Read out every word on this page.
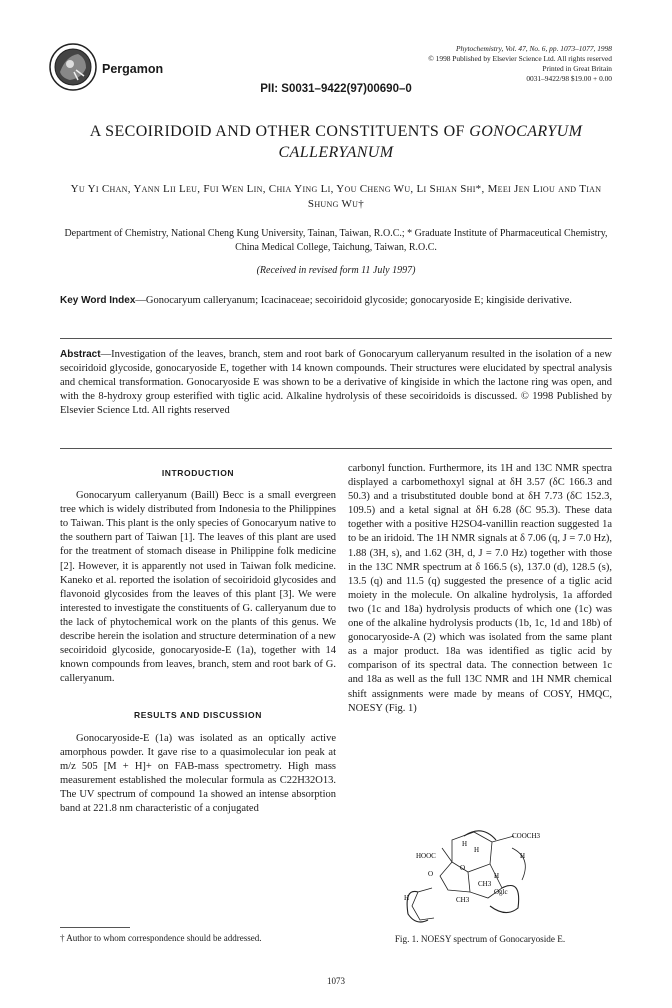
Pergamon
Phytochemistry, Vol. 47, No. 6, pp. 1073–1077, 1998
© 1998 Published by Elsevier Science Ltd. All rights reserved
Printed in Great Britain
0031–9422/98 $19.00 + 0.00
PII: S0031–9422(97)00690–0
A SECOIRIDOID AND OTHER CONSTITUENTS OF GONOCARYUM CALLERYANUM
Yu Yi Chan, Yann Lii Leu, Fui Wen Lin, Chia Ying Li, You Cheng Wu, Li Shian Shi*, Meei Jen Liou and Tian Shung Wu†
Department of Chemistry, National Cheng Kung University, Tainan, Taiwan, R.O.C.; * Graduate Institute of Pharmaceutical Chemistry, China Medical College, Taichung, Taiwan, R.O.C.
(Received in revised form 11 July 1997)
Key Word Index—Gonocaryum calleryanum; Icacinaceae; secoiridoid glycoside; gonocaryoside E; kingiside derivative.
Abstract—Investigation of the leaves, branch, stem and root bark of Gonocaryum calleryanum resulted in the isolation of a new secoiridoid glycoside, gonocaryoside E, together with 14 known compounds. Their structures were elucidated by spectral analysis and chemical transformation. Gonocaryoside E was shown to be a derivative of kingiside in which the lactone ring was open, and with the 8-hydroxy group esterified with tiglic acid. Alkaline hydrolysis of these secoiridoids is discussed. © 1998 Published by Elsevier Science Ltd. All rights reserved
INTRODUCTION

Gonocaryum calleryanum (Baill) Becc is a small evergreen tree which is widely distributed from Indonesia to the Philippines to Taiwan. This plant is the only species of Gonocaryum native to the southern part of Taiwan [1]. The leaves of this plant are used for the treatment of stomach disease in Philippine folk medicine [2]. However, it is apparently not used in Taiwan folk medicine. Kaneko et al. reported the isolation of secoiridoid glycosides and flavonoid glycosides from the leaves of this plant [3]. We were interested to investigate the constituents of G. calleryanum due to the lack of phytochemical work on the plants of this genus. We describe herein the isolation and structure determination of a new secoiridoid glycoside, gonocaryoside-E (1a), together with 14 known compounds from leaves, branch, stem and root bark of G. calleryanum.

RESULTS AND DISCUSSION

Gonocaryoside-E (1a) was isolated as an optically active amorphous powder. It gave rise to a quasimolecular ion peak at m/z 505 [M + H]+ on FAB-mass spectrometry. High mass measurement established the molecular formula as C22H32O13. The UV spectrum of compound 1a showed an intense absorption band at 221.8 nm characteristic of a conjugated

carbonyl function. Furthermore, its 1H and 13C NMR spectra displayed a carbomethoxyl signal at δH 3.57 (δC 166.3 and 50.3) and a trisubstituted double bond at δH 7.73 (δC 152.3, 109.5) and a ketal signal at δH 6.28 (δC 95.3). These data together with a positive H2SO4-vanillin reaction suggested 1a to be an iridoid. The 1H NMR signals at δ 7.06 (q, J = 7.0 Hz), 1.88 (3H, s), and 1.62 (3H, d, J = 7.0 Hz) together with those in the 13C NMR spectrum at δ 166.5 (s), 137.0 (d), 128.5 (s), 13.5 (q) and 11.5 (q) suggested the presence of a tiglic acid moiety in the molecule. On alkaline hydrolysis, 1a afforded two (1c and 18a) hydrolysis products of which one (1c) was one of the alkaline hydrolysis products (1b, 1c, 1d and 18b) of gonocaryoside-A (2) which was isolated from the same plant as a major product. 18a was identified as tiglic acid by comparison of its spectral data. The connection between 1c and 18a as well as the full 13C NMR and 1H NMR chemical shift assignments were made by means of COSY, HMQC, NOESY (Fig. 1)

COOCH3
HOOC
H
H
H
H
O
O
Oglc
CH3
CH3
H
Fig. 1. NOESY spectrum of Gonocaryoside E.
† Author to whom correspondence should be addressed.
1073
